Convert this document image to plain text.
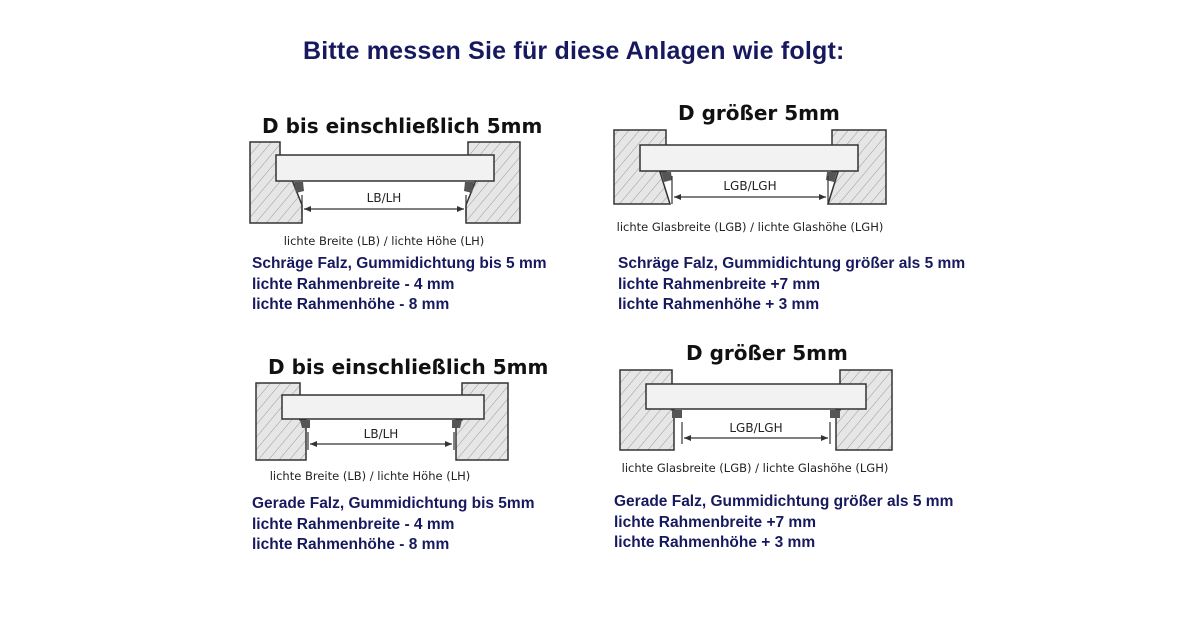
Bitte messen Sie für diese Anlagen wie folgt:
D bis einschließlich 5mm
LB/LH
lichte Breite (LB) / lichte Höhe (LH)
Schräge Falz, Gummidichtung bis 5 mm
lichte Rahmenbreite - 4 mm
lichte Rahmenhöhe - 8 mm
D größer 5mm
LGB/LGH
lichte Glasbreite (LGB) / lichte Glashöhe (LGH)
Schräge Falz, Gummidichtung größer als 5 mm
lichte Rahmenbreite +7 mm
lichte Rahmenhöhe + 3 mm
D bis einschließlich 5mm
LB/LH
lichte Breite (LB) / lichte Höhe (LH)
Gerade Falz, Gummidichtung bis 5mm
lichte Rahmenbreite - 4 mm
lichte Rahmenhöhe - 8 mm
D größer 5mm
LGB/LGH
lichte Glasbreite (LGB) / lichte Glashöhe (LGH)
Gerade Falz, Gummidichtung größer als 5 mm
lichte Rahmenbreite +7 mm
lichte Rahmenhöhe + 3 mm
